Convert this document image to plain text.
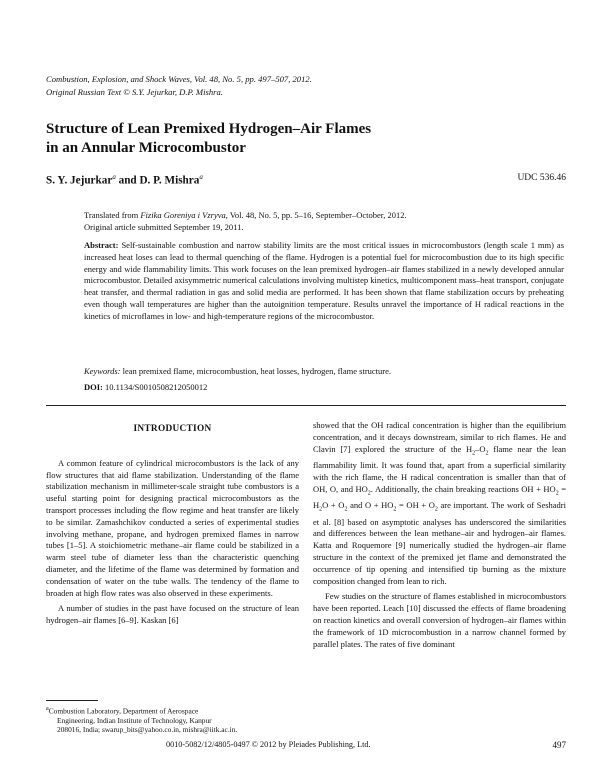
Combustion, Explosion, and Shock Waves, Vol. 48, No. 5, pp. 497–507, 2012.
Original Russian Text © S.Y. Jejurkar, D.P. Mishra.
Structure of Lean Premixed Hydrogen–Air Flames
in an Annular Microcombustor
S. Y. Jejurkar$^a$ and D. P. Mishra$^a$	UDC 536.46
Translated from Fizika Goreniya i Vzryva, Vol. 48, No. 5, pp. 5–16, September–October, 2012.
Original article submitted September 19, 2011.
Abstract: Self-sustainable combustion and narrow stability limits are the most critical issues in microcombustors (length scale 1 mm) as increased heat loses can lead to thermal quenching of the flame. Hydrogen is a potential fuel for microcombustion due to its high specific energy and wide flammability limits. This work focuses on the lean premixed hydrogen–air flames stabilized in a newly developed annular microcombustor. Detailed axisymmetric numerical calculations involving multistep kinetics, multicomponent mass–heat transport, conjugate heat transfer, and thermal radiation in gas and solid media are performed. It has been shown that flame stabilization occurs by preheating even though wall temperatures are higher than the autoignition temperature. Results unravel the importance of H radical reactions in the kinetics of microflames in low- and high-temperature regions of the microcombustor.
Keywords: lean premixed flame, microcombustion, heat losses, hydrogen, flame structure.
DOI: 10.1134/S0010508212050012
INTRODUCTION

A common feature of cylindrical microcombustors is the lack of any flow structures that aid flame stabilization. Understanding of the flame stabilization mechanism in millimeter-scale straight tube combustors is a useful starting point for designing practical microcombustors as the transport processes including the flow regime and heat transfer are likely to be similar. Zamashchikov conducted a series of experimental studies involving methane, propane, and hydrogen premixed flames in narrow tubes [1–5]. A stoichiometric methane–air flame could be stabilized in a warm steel tube of diameter less than the characteristic quenching diameter, and the lifetime of the flame was determined by formation and condensation of water on the tube walls. The tendency of the flame to broaden at high flow rates was also observed in these experiments.

A number of studies in the past have focused on the structure of lean hydrogen–air flames [6–9]. Kaskan [6]

showed that the OH radical concentration is higher than the equilibrium concentration, and it decays downstream, similar to rich flames. He and Clavin [7] explored the structure of the $H_2-O_2$ flame near the lean flammability limit. It was found that, apart from a superficial similarity with the rich flame, the H radical concentration is smaller than that of OH, O, and $HO_2$. Additionally, the chain breaking reactions OH + $HO_2 = H_2O + O_2$ and $O + HO_2$ = OH + $O_2$ are important. The work of Seshadri et al. [8] based on asymptotic analyses has underscored the similarities and differences between the lean methane–air and hydrogen–air flames. Katta and Roquemore [9] numerically studied the hydrogen–air flame structure in the context of the premixed jet flame and demonstrated the occurrence of tip opening and intensified tip burning as the mixture composition changed from lean to rich.

Few studies on the structure of flames established in microcombustors have been reported. Leach [10] discussed the effects of flame broadening on reaction kinetics and overall conversion of hydrogen–air flames within the framework of 1D microcombustion in a narrow channel formed by parallel plates. The rates of five dominant

$^a$Combustion Laboratory, Department of Aerospace
Engineering, Indian Institute of Technology, Kanpur
208016, India; swarup_bits@yahoo.co.in, mishra@iitk.ac.in.
0010-5082/12/4805-0497 © 2012 by Pleiades Publishing, Ltd.	497
